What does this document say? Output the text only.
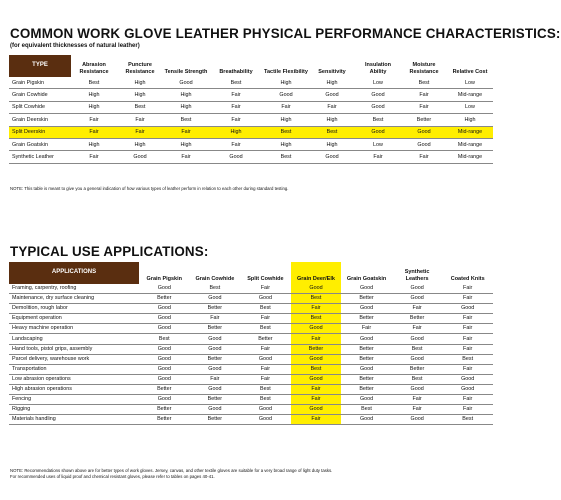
COMMON WORK GLOVE LEATHER PHYSICAL PERFORMANCE CHARACTERISTICS:
(for equivalent thicknesses of natural leather)
TYPE	Abrasion Resistance	Puncture Resistance	Tensile Strength	Breathability	Tactile Flexibility	Sensitivity	Insulation Ability	Moisture Resistance	Relative Cost
Grain Pigskin	Best	High	Good	Best	High	High	Low	Best	Low
Grain Cowhide	High	High	High	Fair	Good	Good	Good	Fair	Mid-range
Split Cowhide	High	Best	High	Fair	Fair	Fair	Good	Fair	Low
Grain Deerskin	Fair	Fair	Best	Fair	High	High	Best	Better	High
Split Deerskin	Fair	Fair	Fair	High	Best	Best	Good	Good	Mid-range
Grain Goatskin	High	High	High	Fair	High	High	Low	Good	Mid-range
Synthetic Leather	Fair	Good	Fair	Good	Best	Good	Fair	Fair	Mid-range
NOTE: This table is meant to give you a general indication of how various types of leather perform in relation to each other during standard testing.
TYPICAL USE APPLICATIONS:
APPLICATIONS	Grain Pigskin	Grain Cowhide	Split Cowhide	Grain Deer/Elk	Grain Goatskin	Synthetic Leathers	Coated Knits
Framing, carpentry, roofing	Good	Best	Fair	Good	Good	Good	Fair
Maintenance, dry surface cleaning	Better	Good	Good	Best	Better	Good	Fair
Demolition, rough labor	Good	Better	Best	Fair	Good	Fair	Good
Equipment operation	Good	Fair	Fair	Best	Better	Better	Fair
Heavy machine operation	Good	Better	Best	Good	Fair	Fair	Fair
Landscaping	Best	Good	Better	Fair	Good	Good	Fair
Hand tools, pistol grips, assembly	Good	Good	Fair	Better	Better	Best	Fair
Parcel delivery, warehouse work	Good	Better	Good	Good	Better	Good	Best
Transportation	Good	Good	Fair	Best	Good	Better	Fair
Low abrasion operations	Good	Fair	Fair	Good	Better	Best	Good
High abrasion operations	Better	Good	Best	Fair	Better	Good	Good
Fencing	Good	Better	Best	Fair	Good	Fair	Fair
Rigging	Better	Good	Good	Good	Best	Fair	Fair
Materials handling	Better	Better	Good	Fair	Good	Good	Best
NOTE: Recommendations shown above are for better types of work gloves. Jersey, canvas, and other textile gloves are suitable for a very broad range of light duty tasks.
For recommended uses of liquid proof and chemical resistant gloves, please refer to tables on pages 40-41.
